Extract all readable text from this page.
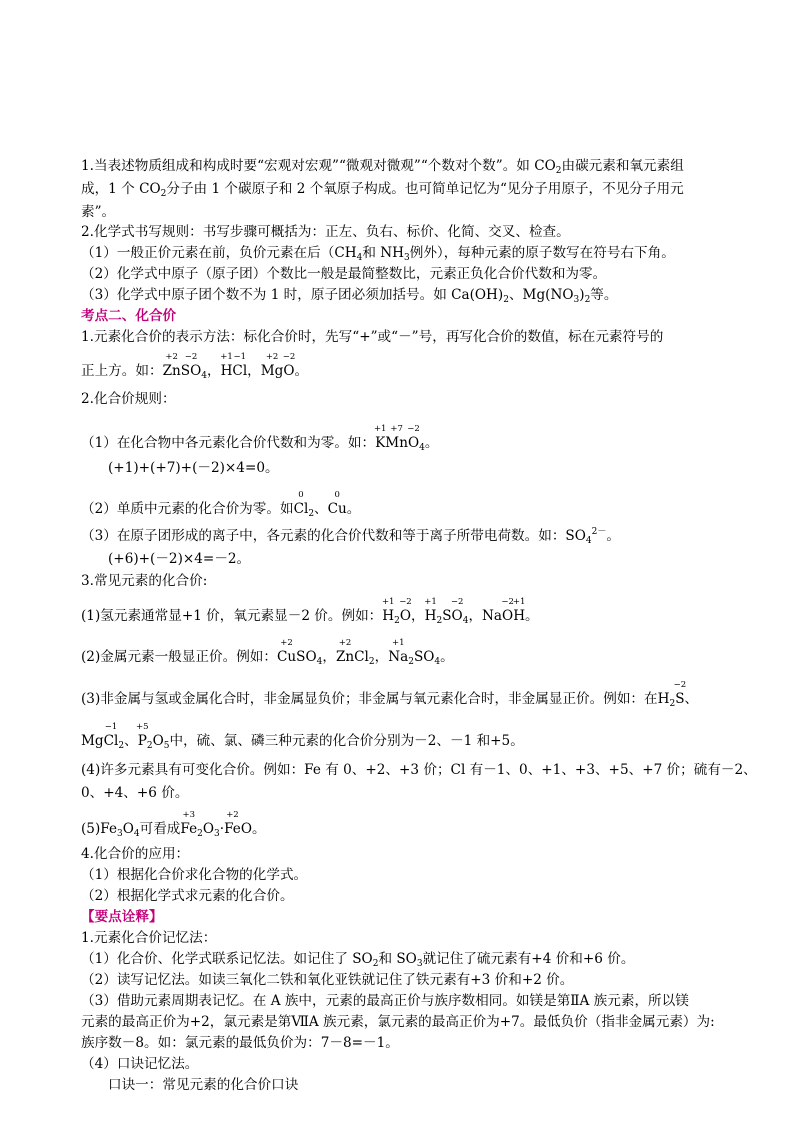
1.当表述物质组成和构成时要“宏观对宏观”“微观对微观”“个数对个数”。如 $CO_2$由碳元素和氧元素组
成，1 个 $CO_2$分子由 1 个碳原子和 2 个氧原子构成。也可简单记忆为“见分子用原子，不见分子用元
素”。
2.化学式书写规则：书写步骤可概括为：正左、负右、标价、化简、交叉、检查。
（1）一般正价元素在前，负价元素在后（$CH_4$和 $NH_3$例外），每种元素的原子数写在符号右下角。
（2）化学式中原子（原子团）个数比一般是最简整数比，元素正负化合价代数和为零。
（3）化学式中原子团个数不为 1 时，原子团必须加括号。如 $Ca(OH)_2$、$Mg(NO_3)_2$等。
考点二、化合价
1.元素化合价的表示方法：标化合价时，先写“+”或“－”号，再写化合价的数值，标在元素符号的
正上方。如：
+2
Zn
−2
$SO_4$，
+1
H
−1
Cl，
+2
Mg
−2
O。
2.化合价规则：
（1）在化合物中各元素化合价代数和为零。如：
+1
K
+7
Mn
−2
$O_4$。
(+1)+(+7)+(－2)×4=0。
（2）单质中元素的化合价为零。如
0
$Cl_2$、
0
Cu。
（3）在原子团形成的离子中，各元素的化合价代数和等于离子所带电荷数。如：$SO_4^{2-}$。
(+6)+(－2)×4=－2。
3.常见元素的化合价:
(1)氢元素通常显+1 价，氧元素显－2 价。例如：
+1
$H_2$
−2
O，
+1
$H_2S$
−2
$O_4$，Na
−2
O
+1
H。
(2)金属元素一般显正价。例如：
+2
CuSO$_4$，
+2
ZnCl$_2$，
+1
$Na_2SO_4$。
(3)非金属与氢或金属化合时，非金属显负价；非金属与氧元素化合时，非金属显正价。例如：在$H_2$
−2
S、
Mg
−1
$Cl_2$、
+5
$P_2O_5$中，硫、氯、磷三种元素的化合价分别为－2、－1 和+5。
(4)许多元素具有可变化合价。例如：Fe 有 0、+2、+3 价；Cl 有－1、0、+1、+3、+5、+7 价；硫有－2、
0、+4、+6 价。
$(5)Fe_3O_4$可看成
+3
$Fe_2O_3\cdot$
+2
FeO。
4.化合价的应用：
（1）根据化合价求化合物的化学式。
（2）根据化学式求元素的化合价。
【要点诠释】
1.元素化合价记忆法：
（1）化合价、化学式联系记忆法。如记住了 $SO_2$和 $SO_3$就记住了硫元素有+4 价和+6 价。
（2）读写记忆法。如读三氧化二铁和氧化亚铁就记住了铁元素有+3 价和+2 价。
（3）借助元素周期表记忆。在 A 族中，元素的最高正价与族序数相同。如镁是第ⅡA 族元素，所以镁
元素的最高正价为+2，氯元素是第ⅦA 族元素，氯元素的最高正价为+7。最低负价（指非金属元素）为:
族序数－8。如：氯元素的最低负价为：7－8=－1。
（4）口诀记忆法。
口诀一：常见元素的化合价口诀
